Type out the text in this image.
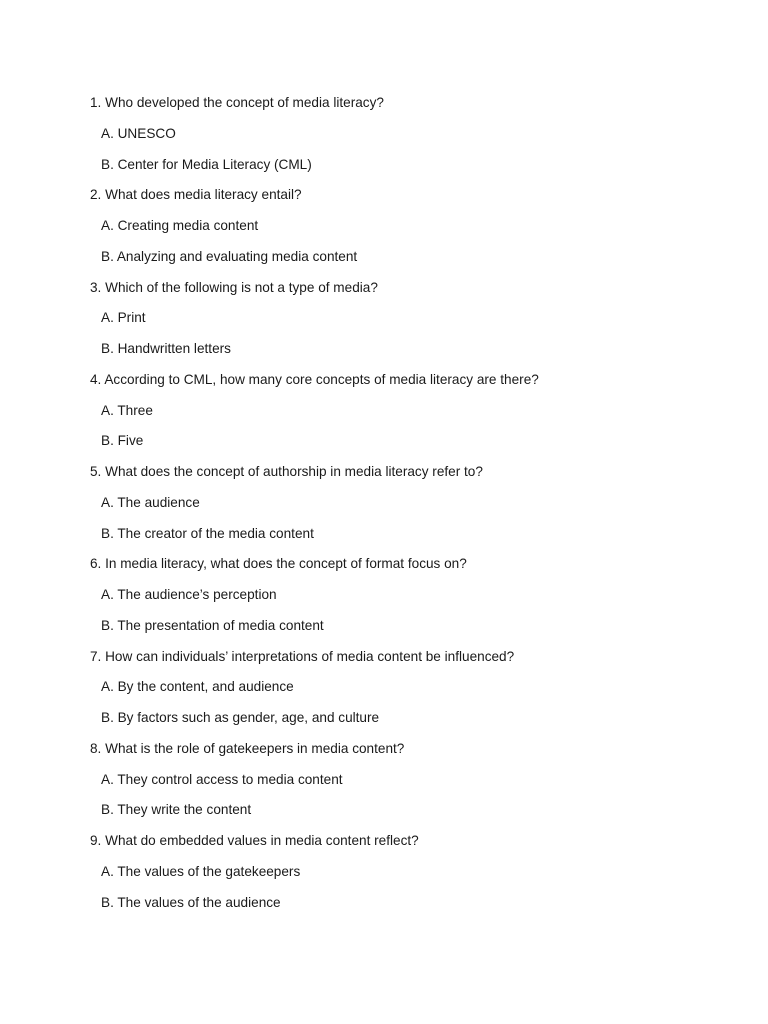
1. Who developed the concept of media literacy?
A. UNESCO
B. Center for Media Literacy (CML)
2. What does media literacy entail?
A. Creating media content
B. Analyzing and evaluating media content
3. Which of the following is not a type of media?
A. Print
B. Handwritten letters
4. According to CML, how many core concepts of media literacy are there?
A. Three
B. Five
5. What does the concept of authorship in media literacy refer to?
A. The audience
B. The creator of the media content
6. In media literacy, what does the concept of format focus on?
A. The audience’s perception
B. The presentation of media content
7. How can individuals’ interpretations of media content be influenced?
A. By the content, and audience
B. By factors such as gender, age, and culture
8. What is the role of gatekeepers in media content?
A. They control access to media content
B. They write the content
9. What do embedded values in media content reflect?
A. The values of the gatekeepers
B. The values of the audience
